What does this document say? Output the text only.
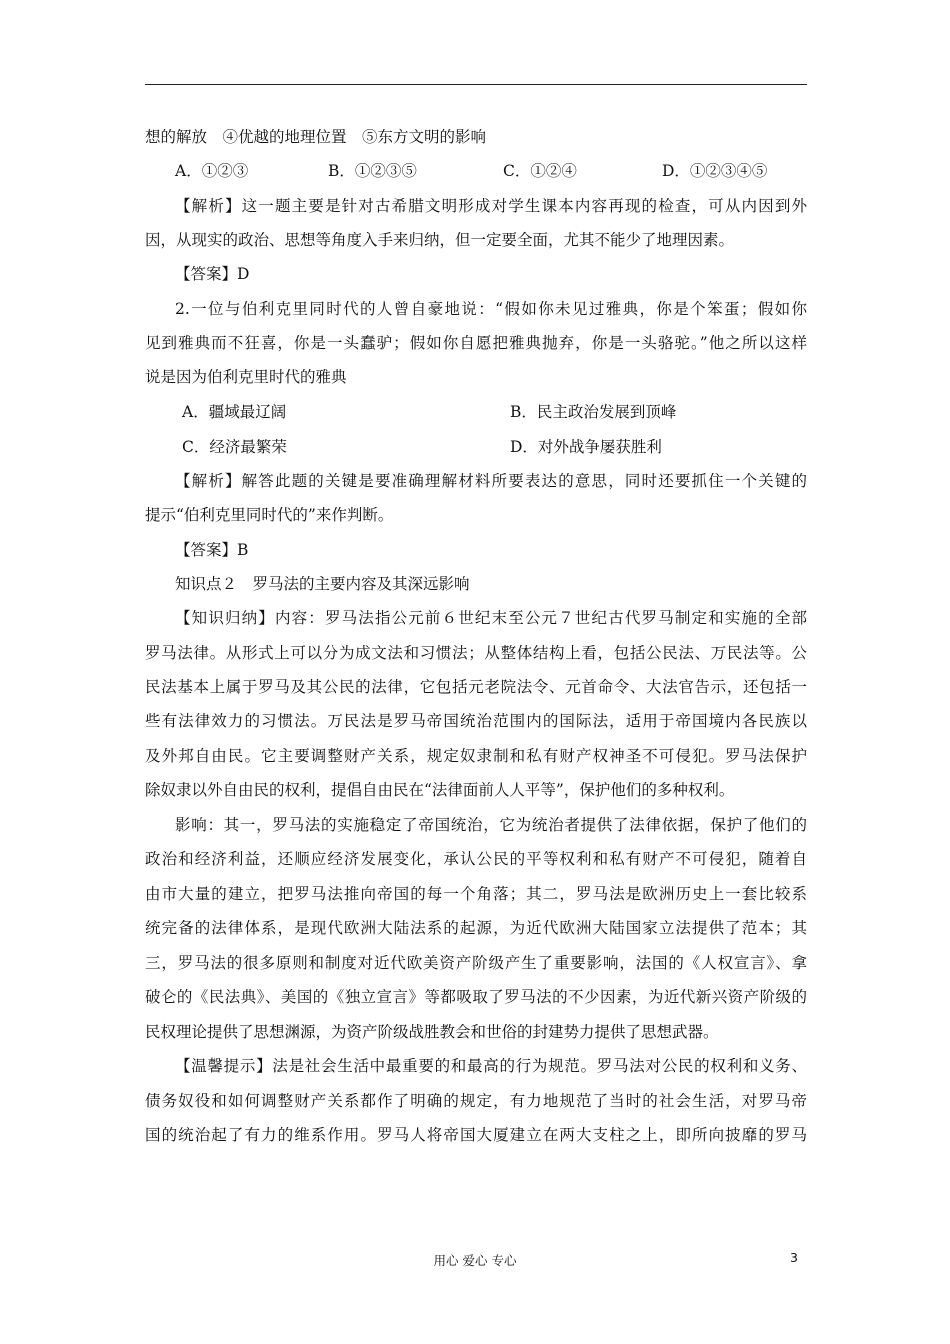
想的解放　④优越的地理位置　⑤东方文明的影响
A．①②③	B．①②③⑤	C．①②④	D．①②③④⑤
【解析】这一题主要是针对古希腊文明形成对学生课本内容再现的检查，可从内因到外
因，从现实的政治、思想等角度入手来归纳，但一定要全面，尤其不能少了地理因素。
【答案】D
2.一位与伯利克里同时代的人曾自豪地说：“假如你未见过雅典，你是个笨蛋；假如你
见到雅典而不狂喜，你是一头蠢驴；假如你自愿把雅典抛弃，你是一头骆驼。”他之所以这样
说是因为伯利克里时代的雅典
A．疆域最辽阔	B．民主政治发展到顶峰
C．经济最繁荣	D．对外战争屡获胜利
【解析】解答此题的关键是要准确理解材料所要表达的意思，同时还要抓住一个关键的
提示“伯利克里同时代的”来作判断。
【答案】B
知识点２　罗马法的主要内容及其深远影响
【知识归纳】内容：罗马法指公元前６世纪末至公元７世纪古代罗马制定和实施的全部
罗马法律。从形式上可以分为成文法和习惯法；从整体结构上看，包括公民法、万民法等。公
民法基本上属于罗马及其公民的法律，它包括元老院法令、元首命令、大法官告示，还包括一
些有法律效力的习惯法。万民法是罗马帝国统治范围内的国际法，适用于帝国境内各民族以
及外邦自由民。它主要调整财产关系，规定奴隶制和私有财产权神圣不可侵犯。罗马法保护
除奴隶以外自由民的权利，提倡自由民在“法律面前人人平等”，保护他们的多种权利。
影响：其一，罗马法的实施稳定了帝国统治，它为统治者提供了法律依据，保护了他们的
政治和经济利益，还顺应经济发展变化，承认公民的平等权利和私有财产不可侵犯，随着自
由市大量的建立，把罗马法推向帝国的每一个角落；其二，罗马法是欧洲历史上一套比较系
统完备的法律体系，是现代欧洲大陆法系的起源，为近代欧洲大陆国家立法提供了范本；其
三，罗马法的很多原则和制度对近代欧美资产阶级产生了重要影响，法国的《人权宣言》、拿
破仑的《民法典》、美国的《独立宣言》等都吸取了罗马法的不少因素，为近代新兴资产阶级的
民权理论提供了思想渊源，为资产阶级战胜教会和世俗的封建势力提供了思想武器。
【温馨提示】法是社会生活中最重要的和最高的行为规范。罗马法对公民的权利和义务、
债务奴役和如何调整财产关系都作了明确的规定，有力地规范了当时的社会生活，对罗马帝
国的统治起了有力的维系作用。罗马人将帝国大厦建立在两大支柱之上，即所向披靡的罗马
用心 爱心 专心	3
